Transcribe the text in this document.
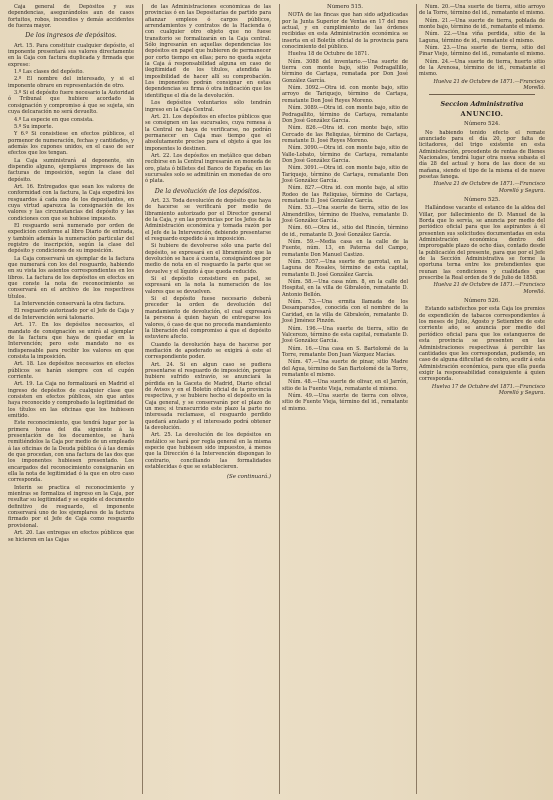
Caja general de Depósitos y sus dependencias, asegurándolos aun de casos fortuitos, robos, incendios y demás accidentes de fuerza mayor.

De los ingresos de depósitos.

Art. 15. Para constituir cualquier depósito, el imponente presentará sus valores directamente en la Caja con factura duplicada y firmada que exprese:

1.º Las clases del depósito.

2.º El nombre del interesado, y si el imponente obrare en representación de otro.

3.º Si el depósito fuere necesario la Autoridad ó Tribunal que hubiere acordado la consignación y compromiso á que se sujeta, sin cuya delcaración no será devuelto.

4.º La especie en que consista.

5.º Su importe.

Y 6.º Si consistiese en efectos públicos, el pormenor de numeración, fechas y cantidades, y además los cupones unidos, en el caso de ser efectos que los tengan.

La Caja suministrará al deponente, sin dispendio alguno, ejemplares impresos de las facturas de imposición, según la clase del depósito.

Art. 16. Entregados que sean los valores de conformidad con la factura, la Caja expedirá los resguardos á cada uno de los depositantes, en cuya virtud aparezca la consignación de los valores y las circunstancias del depósito y las condiciones con que se hubiese impuesto.

El resguardo será numerado por orden de expedición conforme al libro Diario de entrada, y también además la numeración particular del registro de inscripción, según la clase del depósito y condiciones de su imposición.

La Caja conservará un ejemplar de la factura que numerará con los del resguardo, habiendo en su vista los asientos correspondientes en los libros. La factura de los depósitos en efectos en que conste la nota de reconocimiento se conservará en el archivo de los respectivos títulos.

La Intervención conservará la otra factura.

El resguardo autorizado por el Jefe de Caja y el de Intervención será talonario.

Art. 17. En los depósitos necesarios, el mandato de consignación se unirá al ejemplar de la factura que haya de quedar en la Intervención; pero este mandato no es indispensable para recibir los valores en que consista la imposición.

Art. 18. Los depósitos necesarios en efectos públicos se harán siempre con el cupón corriente.

Art. 19. La Caja no formalizará en Madrid el ingreso de depósitos de cualquier clase que consisten en efectos públicos, sin que antes haya reconocido y comprobado la legitimidad de los títulos en las oficinas que los hubiesen emitido.

Este reconocimiento, que tendrá lugar por la primera horas del día siguiente á la presentación de los documentos, se hará remitiéndolos la Caja por medio de un empleado á las oficinas de la Deuda pública ó á las demás de que procedan, con una factura de las dos que los imponentes hubiesen presentado. Los encargados del reconocimiento consignarán en ella la nota de legitimidad ó la que en otro caso corresponda.

Interin se practica el reconocimiento y mientras se formaliza el ingreso en la Caja, por resultar su legitimidad y se expide el documento definitivo de resguardo, el imponente conservará uno de los ejemplares de la factura firmado por el Jefe de Caja como resguardo provisional.

Art. 20. Las entregas en efectos públicos que se hicieren en las Cajas

de las Administraciones económicas de las provincias ó en las Depositarías de partido para afianzar empleos ó cargos públicos, arrendamientos y contratos de la Hacienda ó con cualquier otro objeto que no fuese transitorio se formalizarán en la Caja central. Sólo ingresarán en aquellas dependencias los depósitos en papel que hubieren de permanecer por corto tiempo en ellas; pero no queda sujeta la Caja á responsabilidad alguna en caso de ilegitimidad de los títulos, atendida la imposibilidad de hacer allí su comprobación. Los imponentes podrán consignar en estas dependencias su firma ó otra indicación que los identifique el día de la devolución.

Los depósitos voluntarios sólo tendrán ingreso en la Caja Central.

Art. 21. Los depósitos en efectos públicos que se consignen en las sucursales, cuya remesa á la Central no haya de verificarse, no podrán permanecer en Caja mas tiempo que el absolutamente preciso para el objeto á que los imponentes lo destinen.

Art. 22. Los depósitos en metálico que deban recibirse en la Central ingresarán en moneda de oro, plata ó billetes del Banco de España; en las sucursales solo se admitirán en monedas de oro ó plata.

De la devolución de los depósitos.

Art. 23. Toda devolución de depósito que haya de hacerse se verificará por medio de libramiento autorizado por el Director general de la Caja, y en las provincias por los Jefes de la Administración económica y tomada razón por el Jefe de la Intervención, debiendo presentarse el resguardo expedido á su imposición.

Si hubiere de devolverse sólo una parte del depósito, se expresará en el libramiento que la devolución se hace á cuenta, consignándose por medio de nota en el resguardo la parte que se devuelve y el líquido á que queda reducido.

Si el depósito consistiere en papel, se expresará en la nota la numeración de los valores que se devuelven.

Si el depósito fuese necesario deberá preceder la orden de devolución del mandamiento de devolución, el cual expresará la persona á quien hayan de entregarse los valores, ó caso de que no proceda mandamiento la liberación del compromiso á que el depósito estuviere afecto.

Cuando la devolución haya de hacerse por mediación de apoderado se exigirá á este el correspondiente poder.

Art. 24. Si en algun caso se pudiera presentarse el resguardo de imposición, porque hubiere sufrido extravío, se anunciará la pérdida en la Gaceta de Madrid, Diario oficial de Avisos y en el Boletín oficial de la provincia respectiva, y se hubiere hecho el depósito en la Caja general, y se conservarán por el plazo de un mes; si transcurrido este plazo la parte no interesada reclamase, el resguardo perdido quedará anulado y el interesado podrá obtener la devolución.

Art. 25. La devolución de los depósitos en metálico se hará por regla general en la misma especie que hubiesen sido impuestos, á menos que la Dirección ó la Intervención dispongan lo contrario, conciliando las formalidades establecidas ó que se establecieren.

(Se continuará.)
Número 515.

NOTA de las fincas que han sido adjudicadas por la Junta Superior de Ventas en 17 del mes actual, y en cumplimiento de las órdenes recibidas en esta Administración económica se inserta en el Boletín oficial de la provincia para conocimiento del público.

Huelva 18 de Octubre de 1871.

Núm. 3088 del inventario.—Una suerte de tierra con monte bajo, sitio Pedragallillo, término de Cartaya, rematada por Don José González García.

Núm. 3092.—Otra id. con monte bajo, sitio arroyo de Tariquejo, término de Cartaya, rematante Don José Reyes Moreno.

Núm. 3089.—Otra id. con monte bajo, sitio de Pedragallito, término de Cartaya, rematante Don José González García.

Núm. 826.—Otra id. con monte bajo, sitio Cercado de las Reliquias, término de Cartaya, rematante D. José Reyes Moreno.

Núm. 3090.—Otra id. con monte bajo, sitio de Valle-Lobato, término de Cartaya, rematante Don José González García.

Núm. 3091.—Otra id. con monte bajo, sitio de Tariquejo, término de Cartaya, rematante Don José González García.

Núm. 827.—Otra id. con monte bajo, al sitio Rodeo de las Reliquias, término de Cartaya, rematante D. José González García.

Núm. 53.—Una suerte de tierra, sitio de los Almendrillos, término de Huelva, rematante D. José González García.

Núm. 60.—Otra id., sitio del Rincón, término de id., rematante D. José González García.

Núm. 59.—Media casa en la calle de la Fuente, núm. 13, en Paterna del Campo, rematante Don Manuel Castizo.

Núm. 3057.—Una suerte de garrotal, en la Laguna de Rosales, término de esta capital, rematante D. José González García.

Núm. 58.—Una casa núm. 8, en la calle del Hospital, en la villa de Gibraleón, rematante D. Antonio Bellón.

Núm. 73.—Una ermita llamada de los Desamparados, conocida con el nombre de la Caridad, en la villa de Gibraleón, rematante D. José Jiménez Pinzón.

Núm. 196.—Una suerte de tierra, sitio de Valcerezo, término de esta capital, rematante D. José González García.

Núm. 16.—Una casa en S. Bartolomé de la Torre, rematante Don Juan Vázquez Macías.

Núm. 47.—Una suerte de pinar, sitio Madre del Agua, término de San Bartolomé de la Torre, rematante el mismo.

Núm. 48.—Una suerte de olivar, en el Jarrón, sitio de la Fuente Vieja, rematante el mismo.

Núm. 49.—Una suerte de tierra con olivos, sitio de Fuente Vieja, término del id., rematante el mismo.

Núm. 20.—Una suerte de tierra, sitio arroyo de la Torre, término del id., rematante el mismo.

Núm. 21.—Una suerte de tierra, poblada de monte bajo, término de id., rematante el mismo.

Núm. 22.—Una viña perdida, sitio de la Laguna, término de id., rematante el mismo.

Núm. 23.—Una suerte de tierra, sitio del Pinar Viejo, término del id., rematante el mismo.

Núm. 24.—Una suerte de tierra, huerto sitio de la Arenosa, término de id., rematante el mismo.

Huelva 21 de Octubre de 1871.—Francisco Morelló.

Seccion Administrativa
ANUNCIO.
Número 524.

No habiendo tenido efecto el remate anunciado para el día 20, por falta de licitadores, del trigo existente en esta Administración, procedente de rentas de Bienes Nacionales, tendrá lugar otra nueva subasta el día 28 del actual y hora de las doce de su mañana, siendo el tipo de la misma el de nueve pesetas fanega.

Huelva 21 de Octubre de 1871.—Francisco Morelló y Segura.

Número 525.

Hallándose vacante el estanco de la aldea del Villar, por fallecimiento de D. Manuel de la Borda que lo servía, se anuncia por medio del periódico oficial para que los aspirantes á él presenten sus solicitudes documentadas en esta Administración económica dentro del improrogable plazo de ocho días, contado desde la publicación del presente, para que por el Jefe de la Sección Administrativa se forme la oportuna terna entre los pretendientes que reunan las condiciones y cualidades que prescribe la Real orden de 9 de Julio de 1858.

Huelva 21 de Octubre de 1871.—Francisco Morelló.

Número 526.

Estando satisfechos por esta Caja los premios de expendición de tabacos correspondientes á los meses de Julio, Agosto y Setiembre de este corriente año, se anuncia por medio del periódico oficial para que los estanqueros de esta provincia se presenten en las Administraciones respectivas á percibir las cantidades que les correspondan, pudiendo, en caso de alguna dificultad de cobro, acudir á esta Administración económica, para que ella pueda exigir la responsabilidad consiguiente á quien corresponda.

Huelva 17 de Octubre del 1871.—Francisco Morelló y Segura.
